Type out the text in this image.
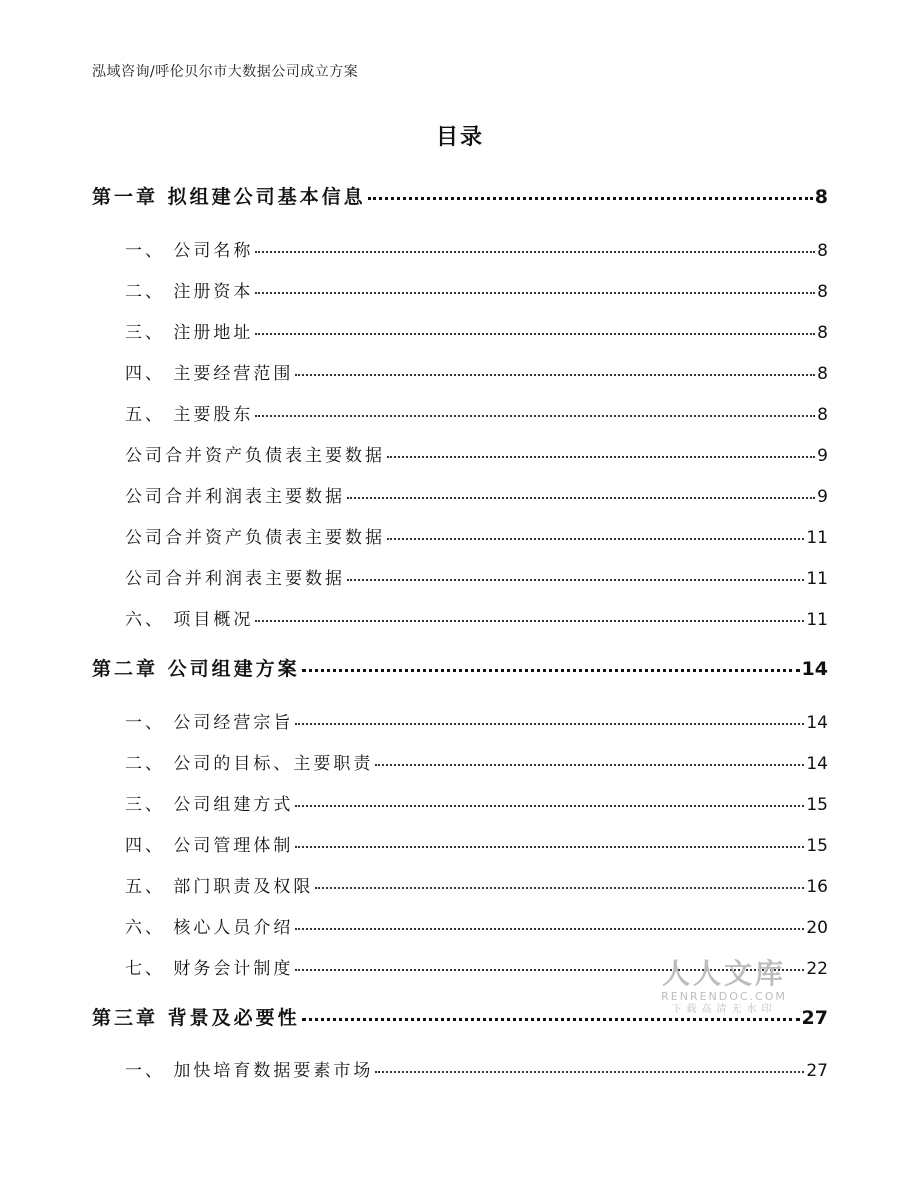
泓域咨询/呼伦贝尔市大数据公司成立方案
目录
第一章 拟组建公司基本信息	8
一、 公司名称	8
二、 注册资本	8
三、 注册地址	8
四、 主要经营范围	8
五、 主要股东	8
公司合并资产负债表主要数据	9
公司合并利润表主要数据	9
公司合并资产负债表主要数据	11
公司合并利润表主要数据	11
六、 项目概况	11
第二章 公司组建方案	14
一、 公司经营宗旨	14
二、 公司的目标、主要职责	14
三、 公司组建方式	15
四、 公司管理体制	15
五、 部门职责及权限	16
六、 核心人员介绍	20
七、 财务会计制度	22
第三章 背景及必要性	27
一、 加快培育数据要素市场	27
人人文库
RENRENDOC.COM
下载高清无水印
